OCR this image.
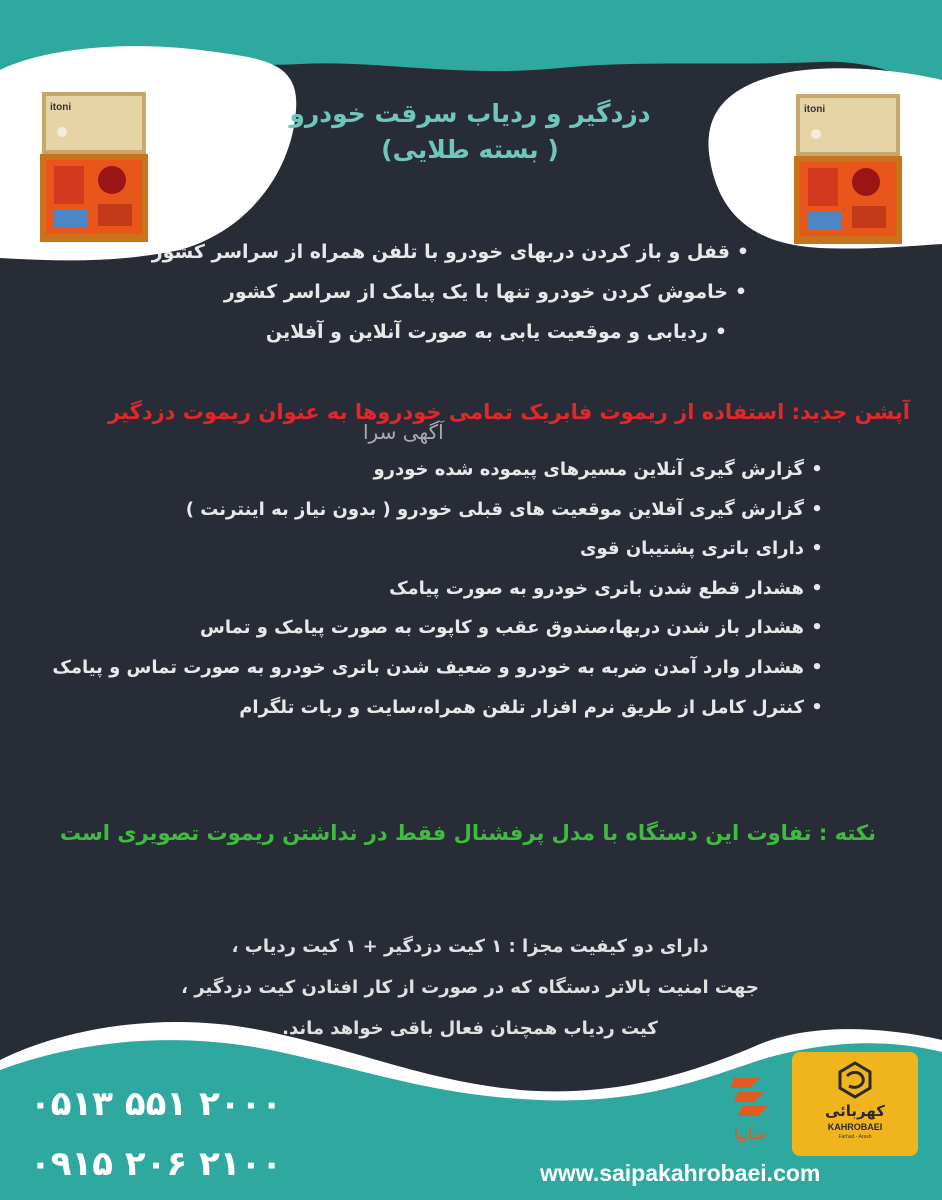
itoni	itoni
دزدگیر و ردیاب سرقت خودرو
( بسته طلایی)
• قفل و باز کردن دربهای خودرو با تلفن همراه از سراسر کشور
• خاموش کردن خودرو تنها با یک پیامک از سراسر کشور
• ردیابی و موقعیت یابی به صورت آنلاین و آفلاین
آپشن جدید: استفاده از ریموت فابریک تمامی خودروها به عنوان ریموت دزدگیر
آگهی سرا
• گزارش گیری آنلاین مسیرهای پیموده شده خودرو
• گزارش گیری آفلاین موقعیت های قبلی خودرو ( بدون نیاز به اینترنت )
• دارای باتری پشتیبان قوی
• هشدار قطع شدن باتری خودرو به صورت پیامک
• هشدار باز شدن دربها،صندوق عقب و کاپوت به صورت پیامک و تماس
• هشدار وارد آمدن ضربه به خودرو و ضعیف شدن باتری خودرو به صورت تماس و پیامک
• کنترل کامل از طریق نرم افزار تلفن همراه،سایت و ربات تلگرام
نکته : تفاوت این دستگاه با مدل پرفشنال فقط در نداشتن ریموت تصویری است
دارای دو کیفیت مجزا : ۱ کیت دزدگیر + ۱ کیت ردیاب ،
جهت امنیت بالاتر دستگاه که در صورت از کار افتادن کیت دزدگیر ،
کیت ردیاب همچنان فعال باقی خواهد ماند.
۰۵۱۳ ۵۵۱ ۲۰۰۰
۰۹۱۵ ۲۰۶ ۲۱۰۰	www.saipakahrobaei.com
سایپا
کهربائی
KAHROBAEI
Farhad - Arash
